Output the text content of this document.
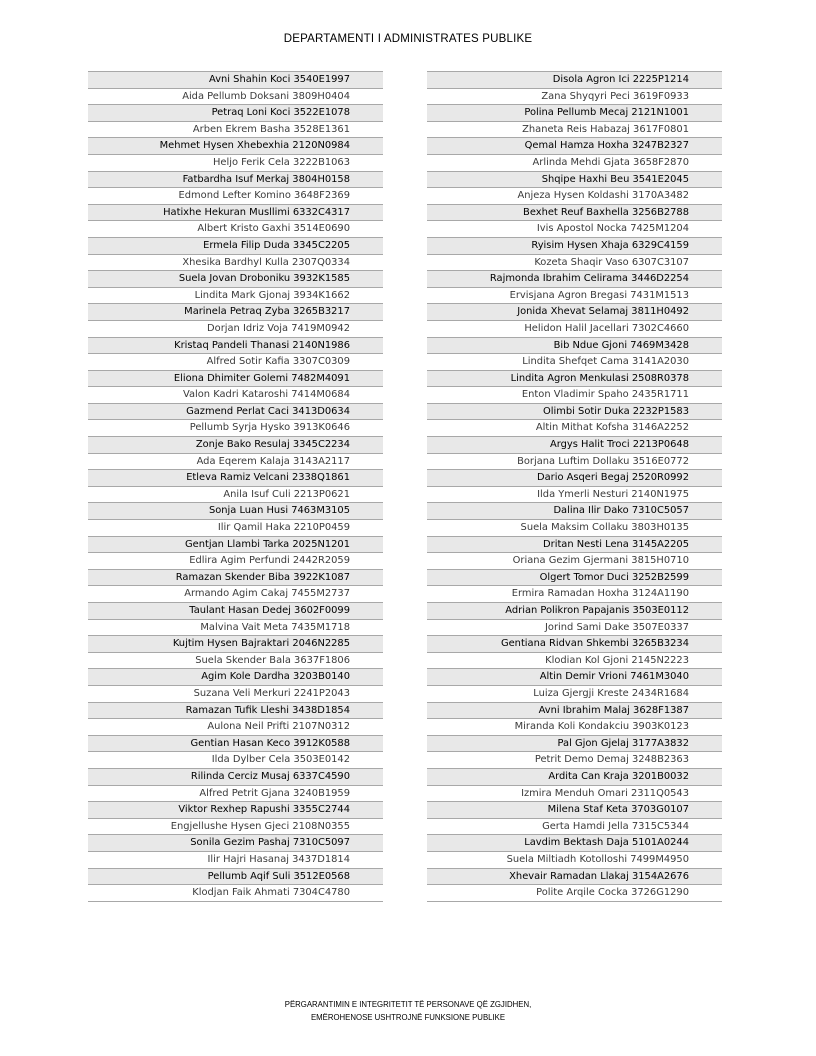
DEPARTAMENTI I ADMINISTRATES PUBLIKE
Avni Shahin Koci 3540E1997
Aida Pellumb Doksani 3809H0404
Petraq Loni Koci 3522E1078
Arben Ekrem Basha 3528E1361
Mehmet Hysen Xhebexhia 2120N0984
Heljo Ferik Cela 3222B1063
Fatbardha Isuf Merkaj 3804H0158
Edmond Lefter Komino 3648F2369
Hatixhe Hekuran Musllimi 6332C4317
Albert Kristo Gaxhi 3514E0690
Ermela Filip Duda 3345C2205
Xhesika Bardhyl Kulla 2307Q0334
Suela Jovan Droboniku 3932K1585
Lindita Mark Gjonaj 3934K1662
Marinela Petraq Zyba 3265B3217
Dorjan Idriz Voja 7419M0942
Kristaq Pandeli Thanasi 2140N1986
Alfred Sotir Kafia 3307C0309
Eliona Dhimiter Golemi 7482M4091
Valon Kadri Kataroshi 7414M0684
Gazmend Perlat Caci 3413D0634
Pellumb Syrja Hysko 3913K0646
Zonje Bako Resulaj 3345C2234
Ada Eqerem Kalaja 3143A2117
Etleva Ramiz Velcani 2338Q1861
Anila Isuf Culi 2213P0621
Sonja Luan Husi 7463M3105
Ilir Qamil Haka 2210P0459
Gentjan Llambi Tarka 2025N1201
Edlira Agim Perfundi 2442R2059
Ramazan Skender Biba 3922K1087
Armando Agim Cakaj 7455M2737
Taulant Hasan Dedej 3602F0099
Malvina Vait Meta 7435M1718
Kujtim Hysen Bajraktari 2046N2285
Suela Skender Bala 3637F1806
Agim Kole Dardha 3203B0140
Suzana Veli Merkuri 2241P2043
Ramazan Tufik Lleshi 3438D1854
Aulona Neil Prifti 2107N0312
Gentian Hasan Keco 3912K0588
Ilda Dylber Cela 3503E0142
Rilinda Cerciz Musaj 6337C4590
Alfred Petrit Gjana 3240B1959
Viktor Rexhep Rapushi 3355C2744
Engjellushe Hysen Gjeci 2108N0355
Sonila Gezim Pashaj 7310C5097
Ilir Hajri Hasanaj 3437D1814
Pellumb Aqif Suli 3512E0568
Klodjan Faik Ahmati 7304C4780
Disola Agron Ici 2225P1214
Zana Shyqyri Peci 3619F0933
Polina Pellumb Mecaj 2121N1001
Zhaneta Reis Habazaj 3617F0801
Qemal Hamza Hoxha 3247B2327
Arlinda Mehdi Gjata 3658F2870
Shqipe Haxhi Beu 3541E2045
Anjeza Hysen Koldashi 3170A3482
Bexhet Reuf Baxhella 3256B2788
Ivis Apostol Nocka 7425M1204
Ryisim Hysen Xhaja 6329C4159
Kozeta Shaqir Vaso 6307C3107
Rajmonda Ibrahim Celirama 3446D2254
Ervisjana Agron Bregasi 7431M1513
Jonida Xhevat Selamaj 3811H0492
Helidon Halil Jacellari 7302C4660
Bib Ndue Gjoni 7469M3428
Lindita Shefqet Cama 3141A2030
Lindita Agron Menkulasi 2508R0378
Enton Vladimir Spaho 2435R1711
Olimbi Sotir Duka 2232P1583
Altin Mithat Kofsha 3146A2252
Argys Halit Troci 2213P0648
Borjana Luftim Dollaku 3516E0772
Dario Asqeri Begaj 2520R0992
Ilda Ymerli Nesturi 2140N1975
Dalina Ilir Dako 7310C5057
Suela Maksim Collaku 3803H0135
Dritan Nesti Lena 3145A2205
Oriana Gezim Gjermani 3815H0710
Olgert Tomor Duci 3252B2599
Ermira Ramadan Hoxha 3124A1190
Adrian Polikron Papajanis 3503E0112
Jorind Sami Dake 3507E0337
Gentiana Ridvan Shkembi 3265B3234
Klodian Kol Gjoni 2145N2223
Altin Demir Vrioni 7461M3040
Luiza Gjergji Kreste 2434R1684
Avni Ibrahim Malaj 3628F1387
Miranda Koli Kondakciu 3903K0123
Pal Gjon Gjelaj 3177A3832
Petrit Demo Demaj 3248B2363
Ardita Can Kraja 3201B0032
Izmira Menduh Omari 2311Q0543
Milena Staf Keta 3703G0107
Gerta Hamdi Jella 7315C5344
Lavdim Bektash Daja 5101A0244
Suela Miltiadh Kotolloshi 7499M4950
Xhevair Ramadan Llakaj 3154A2676
Polite Arqile Cocka 3726G1290
PËRGARANTIMIN E INTEGRITETIT TË PERSONAVE QË ZGJIDHEN,
EMËROHENOSE USHTROJNË FUNKSIONE PUBLIKE
